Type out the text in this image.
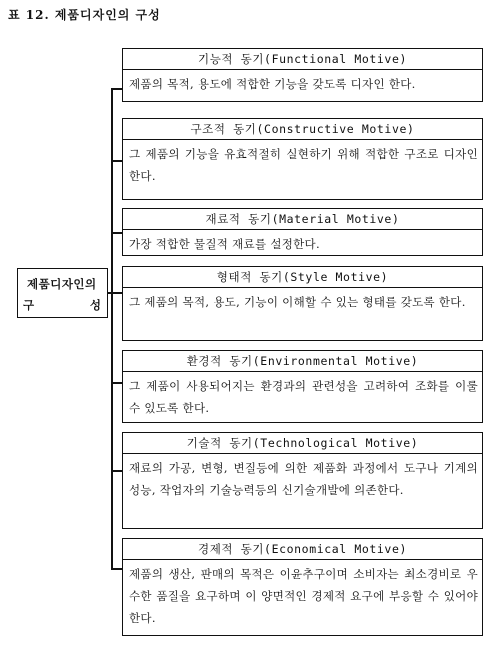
표 12. 제품디자인의 구성
제품디자인의
구	성
기능적 동기(Functional Motive)
제품의 목적, 용도에 적합한 기능을 갖도록 디자인 한다.
구조적 동기(Constructive Motive)
그 제품의 기능을 유효적절히 실현하기 위해 적합한 구조로 디자인 한다.
재료적 동기(Material Motive)
가장 적합한 물질적 재료를 설정한다.
형태적 동기(Style Motive)
그 제품의 목적, 용도, 기능이 이해할 수 있는 형태를 갖도록 한다.
환경적 동기(Environmental Motive)
그 제품이 사용되어지는 환경과의 관련성을 고려하여 조화를 이룰 수 있도록 한다.
기술적 동기(Technological Motive)
재료의 가공, 변형, 변질등에 의한 제품화 과정에서 도구나 기계의 성능, 작업자의 기술능력등의 신기술개발에 의존한다.
경제적 동기(Economical Motive)
제품의 생산, 판매의 목적은 이윤추구이며 소비자는 최소경비로 우수한 품질을 요구하며 이 양면적인 경제적 요구에 부응할 수 있어야 한다.
